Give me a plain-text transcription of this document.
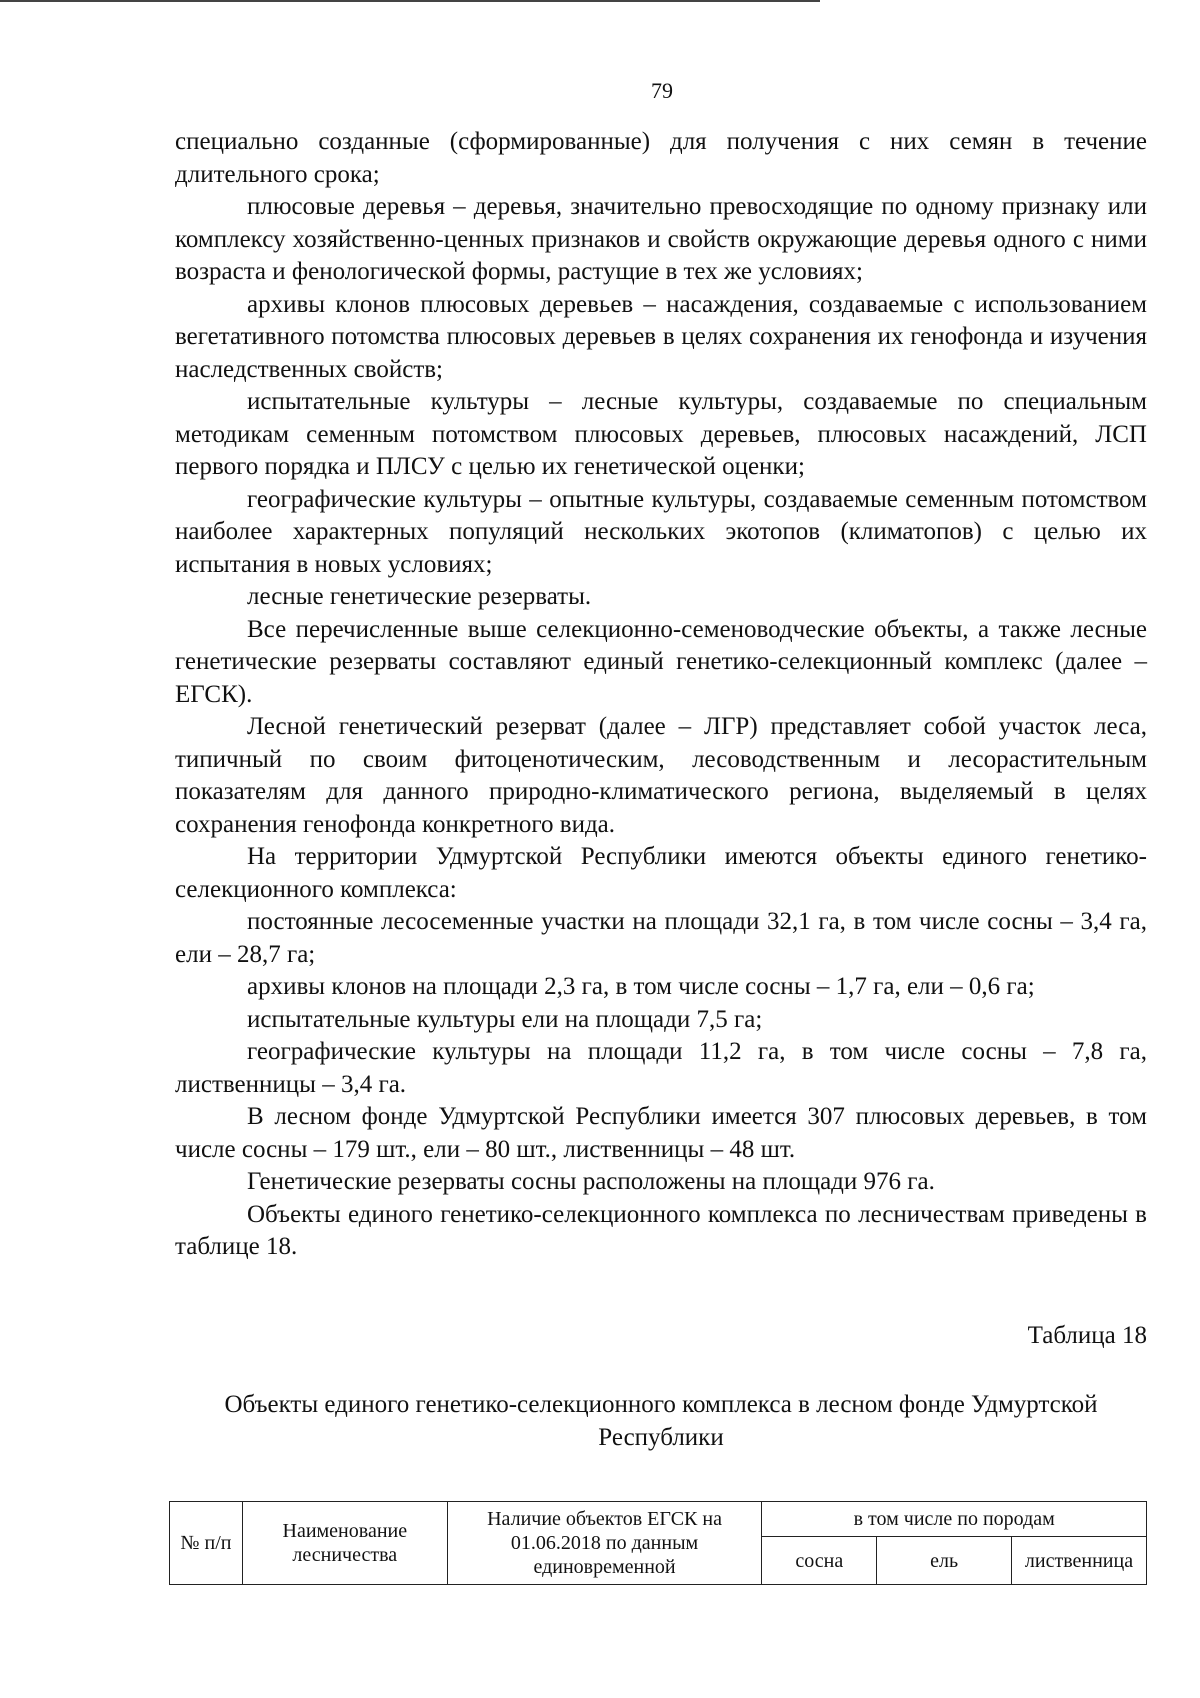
79

специально созданные (сформированные) для получения с них семян в течение длительного срока;

плюсовые деревья – деревья, значительно превосходящие по одному признаку или комплексу хозяйственно-ценных признаков и свойств окружающие деревья одного с ними возраста и фенологической формы, растущие в тех же условиях;

архивы клонов плюсовых деревьев – насаждения, создаваемые с использованием вегетативного потомства плюсовых деревьев в целях сохранения их генофонда и изучения наследственных свойств;

испытательные культуры – лесные культуры, создаваемые по специальным методикам семенным потомством плюсовых деревьев, плюсовых насаждений, ЛСП первого порядка и ПЛСУ с целью их генетической оценки;

географические культуры – опытные культуры, создаваемые семенным потомством наиболее характерных популяций нескольких экотопов (климатопов) с целью их испытания в новых условиях;

лесные генетические резерваты.

Все перечисленные выше селекционно-семеноводческие объекты, а также лесные генетические резерваты составляют единый генетико-селекционный комплекс (далее – ЕГСК).

Лесной генетический резерват (далее – ЛГР) представляет собой участок леса, типичный по своим фитоценотическим, лесоводственным и лесорастительным показателям для данного природно-климатического региона, выделяемый в целях сохранения генофонда конкретного вида.

На территории Удмуртской Республики имеются объекты единого генетико-селекционного комплекса:

постоянные лесосеменные участки на площади 32,1 га, в том числе сосны – 3,4 га, ели – 28,7 га;

архивы клонов на площади 2,3 га, в том числе сосны – 1,7 га, ели – 0,6 га;

испытательные культуры ели на площади 7,5 га;

географические культуры на площади 11,2 га, в том числе сосны – 7,8 га, лиственницы – 3,4 га.

В лесном фонде Удмуртской Республики имеется 307 плюсовых деревьев, в том числе сосны – 179 шт., ели – 80 шт., лиственницы – 48 шт.

Генетические резерваты сосны расположены на площади 976 га.

Объекты единого генетико-селекционного комплекса по лесничествам приведены в таблице 18.

Таблица 18
Объекты единого генетико-селекционного комплекса в лесном фонде Удмуртской Республики
№ п/п	Наименование лесничества	Наличие объектов ЕГСК на 01.06.2018 по данным единовременной	в том числе по породам		
			сосна	ель	лиственница
